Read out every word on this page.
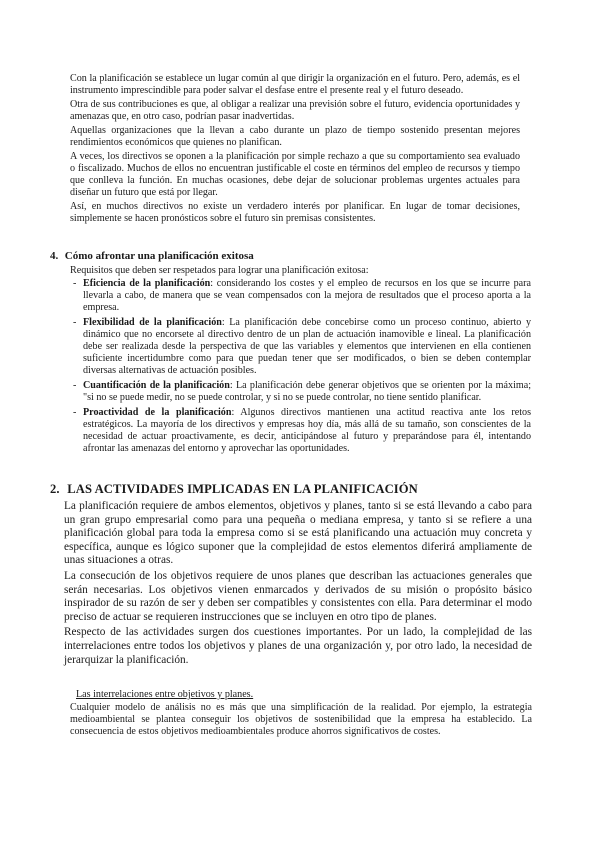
Con la planificación se establece un lugar común al que dirigir la organización en el futuro. Pero, además, es el instrumento imprescindible para poder salvar el desfase entre el presente real y el futuro deseado.

Otra de sus contribuciones es que, al obligar a realizar una previsión sobre el futuro, evidencia oportunidades y amenazas que, en otro caso, podrían pasar inadvertidas.

Aquellas organizaciones que la llevan a cabo durante un plazo de tiempo sostenido presentan mejores rendimientos económicos que quienes no planifican.

A veces, los directivos se oponen a la planificación por simple rechazo a que su comportamiento sea evaluado o fiscalizado. Muchos de ellos no encuentran justificable el coste en términos del empleo de recursos y tiempo que conlleva la función. En muchas ocasiones, debe dejar de solucionar problemas urgentes actuales para diseñar un futuro que está por llegar.

Así, en muchos directivos no existe un verdadero interés por planificar. En lugar de tomar decisiones, simplemente se hacen pronósticos sobre el futuro sin premisas consistentes.

4. Cómo afrontar una planificación exitosa

Requisitos que deben ser respetados para lograr una planificación exitosa:

- Eficiencia de la planificación: considerando los costes y el empleo de recursos en los que se incurre para llevarla a cabo, de manera que se vean compensados con la mejora de resultados que el proceso aporta a la empresa.

- Flexibilidad de la planificación: La planificación debe concebirse como un proceso continuo, abierto y dinámico que no encorsete al directivo dentro de un plan de actuación inamovible e lineal. La planificación debe ser realizada desde la perspectiva de que las variables y elementos que intervienen en ella contienen suficiente incertidumbre como para que puedan tener que ser modificados, o bien se deben contemplar diversas alternativas de actuación posibles.

- Cuantificación de la planificación: La planificación debe generar objetivos que se orienten por la máxima; "si no se puede medir, no se puede controlar, y si no se puede controlar, no tiene sentido planificar.

- Proactividad de la planificación: Algunos directivos mantienen una actitud reactiva ante los retos estratégicos. La mayoría de los directivos y empresas hoy día, más allá de su tamaño, son conscientes de la necesidad de actuar proactivamente, es decir, anticipándose al futuro y preparándose para él, intentando afrontar las amenazas del entorno y aprovechar las oportunidades.

2. LAS ACTIVIDADES IMPLICADAS EN LA PLANIFICACIÓN

La planificación requiere de ambos elementos, objetivos y planes, tanto si se está llevando a cabo para un gran grupo empresarial como para una pequeña o mediana empresa, y tanto si se refiere a una planificación global para toda la empresa como si se está planificando una actuación muy concreta y específica, aunque es lógico suponer que la complejidad de estos elementos diferirá ampliamente de unas situaciones a otras.

La consecución de los objetivos requiere de unos planes que describan las actuaciones generales que serán necesarias. Los objetivos vienen enmarcados y derivados de su misión o propósito básico inspirador de su razón de ser y deben ser compatibles y consistentes con ella. Para determinar el modo preciso de actuar se requieren instrucciones que se incluyen en otro tipo de planes.

Respecto de las actividades surgen dos cuestiones importantes. Por un lado, la complejidad de las interrelaciones entre todos los objetivos y planes de una organización y, por otro lado, la necesidad de jerarquizar la planificación.

Las interrelaciones entre objetivos y planes.

Cualquier modelo de análisis no es más que una simplificación de la realidad. Por ejemplo, la estrategia medioambiental se plantea conseguir los objetivos de sostenibilidad que la empresa ha establecido. La consecuencia de estos objetivos medioambientales produce ahorros significativos de costes.
